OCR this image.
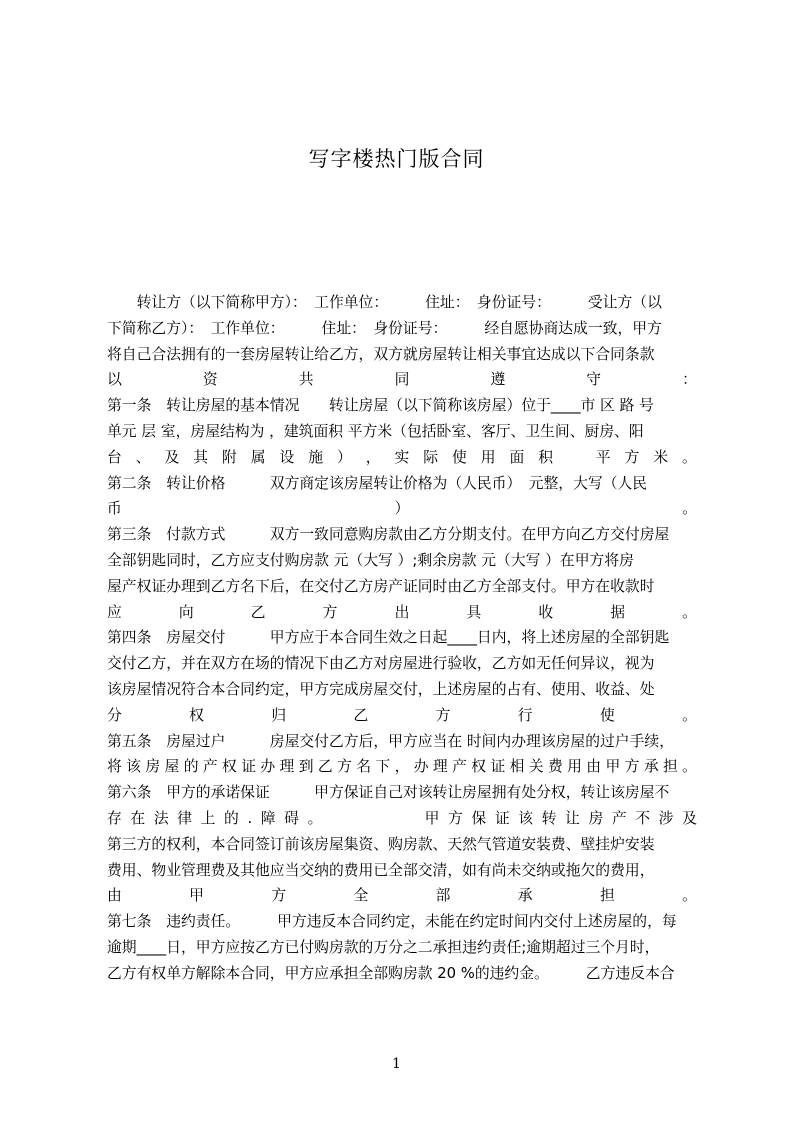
写字楼热门版合同
　　转让方（以下简称甲方）：　工作单位：　　　住址：　身份证号：　　　受让方（以
下简称乙方）：　工作单位：　　　住址：　身份证号：　　　经自愿协商达成一致，甲方
将自己合法拥有的一套房屋转让给乙方，双方就房屋转让相关事宜达成以下合同条款
以	资	共	同	遵	守	：
第一条　转让房屋的基本情况　　转让房屋（以下简称该房屋）位于____市 区 路 号
单元 层 室，房屋结构为 ，建筑面积 平方米（包括卧室、客厅、卫生间、厨房、阳
台 、 及 其 附 属 设 施 ） ， 实 际 使 用 面 积
　	平 方 米 。
第二条　转让价格　　　双方商定该房屋转让价格为（人民币）　元整，大写（人民
币	）	。
第三条　付款方式　　　双方一致同意购房款由乙方分期支付。在甲方向乙方交付房屋
全部钥匙同时，乙方应支付购房款 元（大写 ）;剩余房款 元（大写 ）在甲方将房
屋产权证办理到乙方名下后，在交付乙方房产证同时由乙方全部支付。甲方在收款时
应	向	乙	方	出	具	收	据	。
第四条　房屋交付　　　甲方应于本合同生效之日起____日内，将上述房屋的全部钥匙
交付乙方，并在双方在场的情况下由乙方对房屋进行验收，乙方如无任何异议，视为
该房屋情况符合本合同约定，甲方完成房屋交付，上述房屋的占有、使用、收益、处
分	权	归	乙	方	行	使	。
第五条　房屋过户　　　房屋交付乙方后，甲方应当在 时间内办理该房屋的过户手续，
将 该 房 屋 的 产 权 证 办 理 到 乙 方 名 下 ， 办 理 产 权 证 相 关 费 用 由 甲 方 承 担 。
第六条　甲方的承诺保证　　　甲方保证自己对该转让房屋拥有处分权，转让该房屋不
存 在 法 律 上 的 . 障 碍 。

　	甲 方 保 证 该 转 让 房 产 不 涉 及
第三方的权利，本合同签订前该房屋集资、购房款、天然气管道安装费、壁挂炉安装
费用、物业管理费及其他应当交纳的费用已全部交清，如有尚未交纳或拖欠的费用，
由	甲	方	全	部	承	担	。
第七条　违约责任。　　　甲方违反本合同约定，未能在约定时间内交付上述房屋的，每
逾期____日，甲方应按乙方已付购房款的万分之二承担违约责任;逾期超过三个月时，
乙方有权单方解除本合同，甲方应承担全部购房款 20 %的违约金。　　　乙方违反本合
1
